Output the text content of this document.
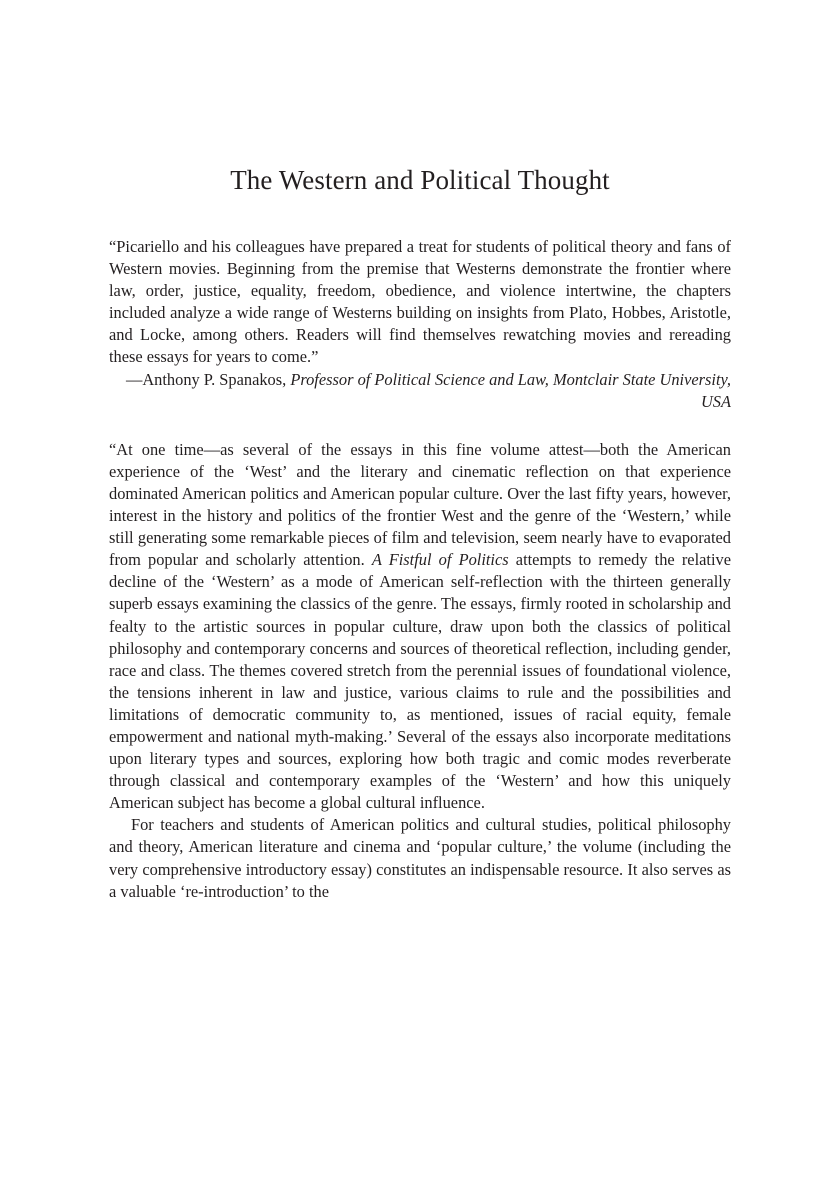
The Western and Political Thought

“Picariello and his colleagues have prepared a treat for students of political theory and fans of Western movies. Beginning from the premise that Westerns demonstrate the frontier where law, order, justice, equality, freedom, obedience, and violence intertwine, the chapters included analyze a wide range of Westerns building on insights from Plato, Hobbes, Aristotle, and Locke, among others. Readers will find themselves rewatching movies and rereading these essays for years to come.”

—Anthony P. Spanakos, Professor of Political Science and Law, Montclair State University, USA

“At one time—as several of the essays in this fine volume attest—both the American experience of the ‘West’ and the literary and cinematic reflection on that experience dominated American politics and American popular culture. Over the last fifty years, however, interest in the history and politics of the frontier West and the genre of the ‘Western,’ while still generating some remarkable pieces of film and television, seem nearly have to evaporated from popular and scholarly attention. A Fistful of Politics attempts to remedy the relative decline of the ‘Western’ as a mode of American self-reflection with the thirteen generally superb essays examining the classics of the genre. The essays, firmly rooted in scholarship and fealty to the artistic sources in popular culture, draw upon both the classics of political philosophy and contemporary concerns and sources of theoretical reflection, including gender, race and class. The themes covered stretch from the perennial issues of foundational violence, the tensions inherent in law and justice, various claims to rule and the possibilities and limitations of democratic community to, as mentioned, issues of racial equity, female empowerment and national myth-making.’ Several of the essays also incorporate meditations upon literary types and sources, exploring how both tragic and comic modes reverberate through classical and contemporary examples of the ‘Western’ and how this uniquely American subject has become a global cultural influence.

For teachers and students of American politics and cultural studies, political philosophy and theory, American literature and cinema and ‘popular culture,’ the volume (including the very comprehensive introductory essay) constitutes an indispensable resource. It also serves as a valuable ‘re-introduction’ to the
